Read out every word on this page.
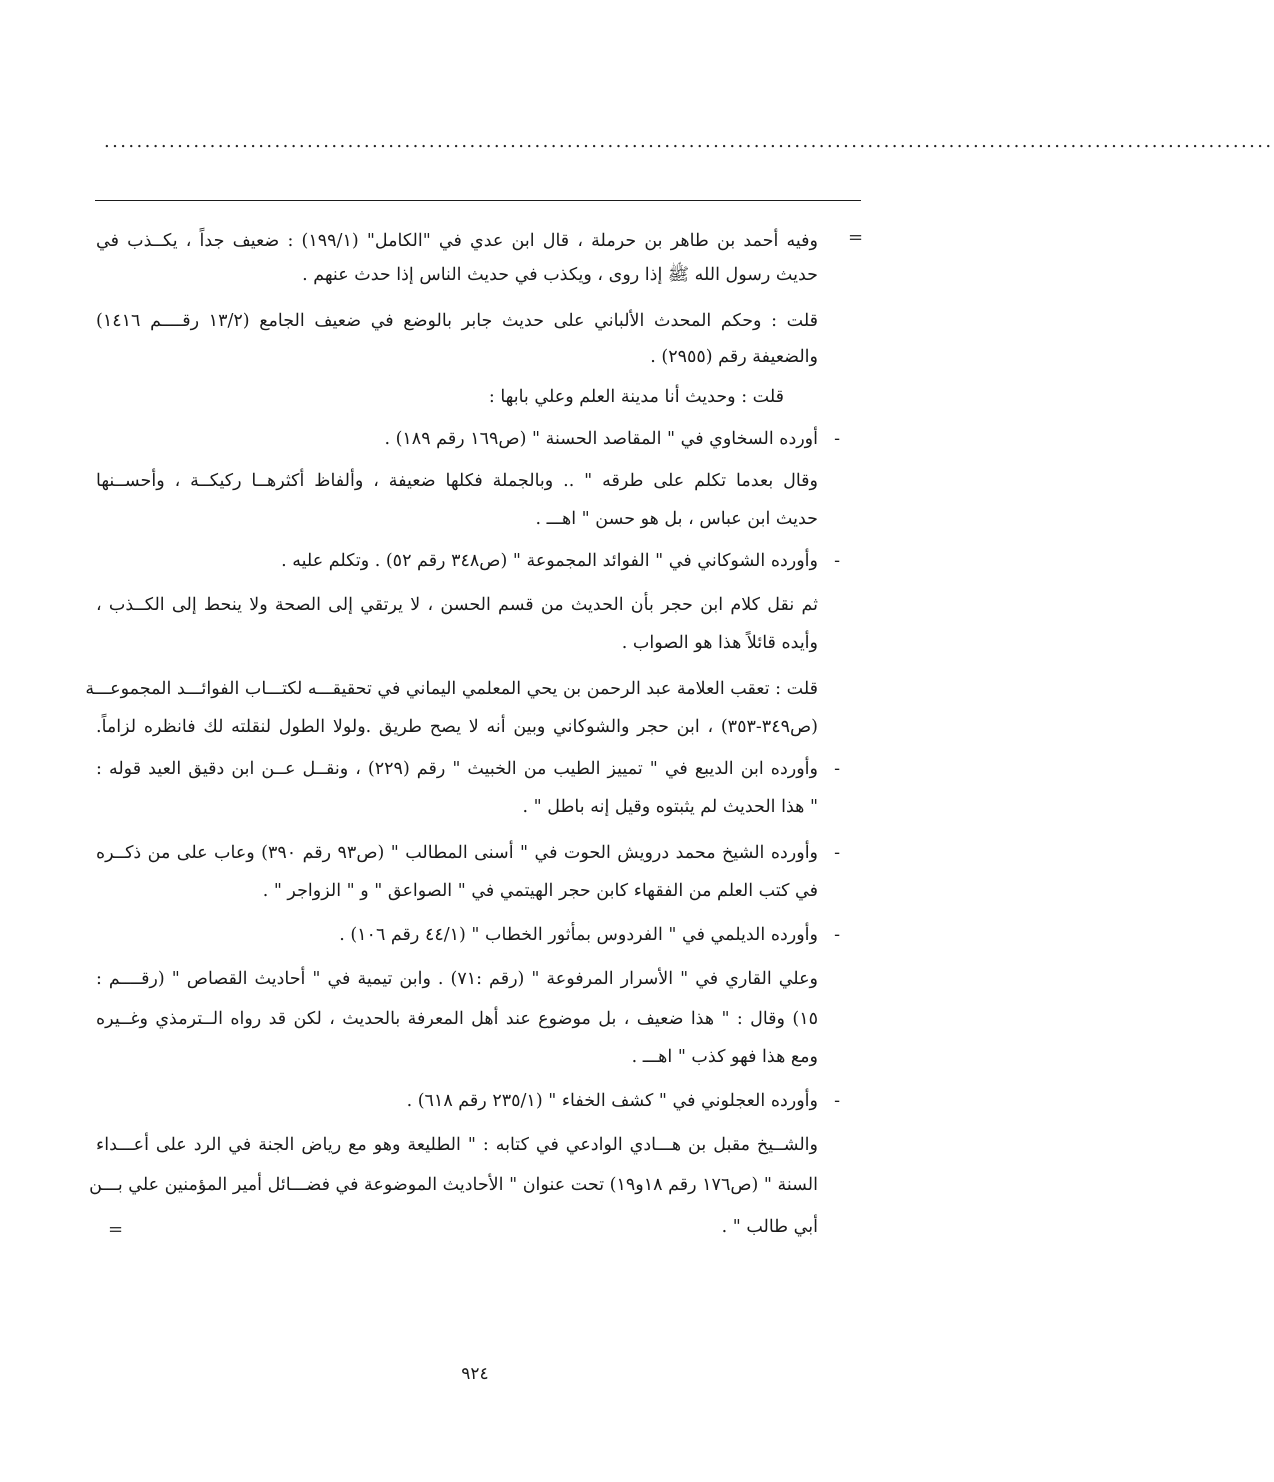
................................................................................................................................................
=
=
وفيه أحمد بن طاهر بن حرملة ، قال ابن عدي في "الكامل" (١٩٩/١) : ضعيف جداً ، يكــذب في
حديث رسول الله ﷺ إذا روى ، ويكذب في حديث الناس إذا حدث عنهم .
قلت : وحكم المحدث الألباني على حديث جابر بالوضع في ضعيف الجامع (١٣/٢ رقــــم ١٤١٦)
والضعيفة رقم (٢٩٥٥) .
قلت : وحديث أنا مدينة العلم وعلي بابها :
أورده السخاوي في " المقاصد الحسنة " (ص١٦٩ رقم ١٨٩) . -
وقال بعدما تكلم على طرقه " .. وبالجملة فكلها ضعيفة ، وألفاظ أكثرهــا ركيكــة ، وأحســنها
حديث ابن عباس ، بل هو حسن " اهـــ .
وأورده الشوكاني في " الفوائد المجموعة " (ص٣٤٨ رقم ٥٢) . وتكلم عليه . -
ثم نقل كلام ابن حجر بأن الحديث من قسم الحسن ، لا يرتقي إلى الصحة ولا ينحط إلى الكــذب ،
وأيده قائلاً هذا هو الصواب .
قلت : تعقب العلامة عبد الرحمن بن يحي المعلمي اليماني في تحقيقـــه لكتـــاب الفوائـــد المجموعـــة
(ص٣٤٩-٣٥٣) ، ابن حجر والشوكاني وبين أنه لا يصح طريق .ولولا الطول لنقلته لك فانظره لزاماً.
وأورده ابن الديبع في " تمييز الطيب من الخبيث " رقم (٢٢٩) ، ونقــل عــن ابن دقيق العيد قوله : -
" هذا الحديث لم يثبتوه وقيل إنه باطل " .
وأورده الشيخ محمد درويش الحوت في " أسنى المطالب " (ص٩٣ رقم ٣٩٠) وعاب على من ذكــره -
في كتب العلم من الفقهاء كابن حجر الهيتمي في " الصواعق " و " الزواجر " .
وأورده الديلمي في " الفردوس بمأثور الخطاب " (٤٤/١ رقم ١٠٦) . -
وعلي القاري في " الأسرار المرفوعة " (رقم :٧١) . وابن تيمية في " أحاديث القصاص " (رقــــم :
١٥) وقال : " هذا ضعيف ، بل موضوع عند أهل المعرفة بالحديث ، لكن قد رواه الــترمذي وغــيره
ومع هذا فهو كذب " اهـــ .
وأورده العجلوني في " كشف الخفاء " (٢٣٥/١ رقم ٦١٨) . -
والشــيخ مقبل بن هـــادي الوادعي في كتابه : " الطليعة وهو مع رياض الجنة في الرد على أعـــداء
السنة " (ص١٧٦ رقم ١٨و١٩) تحت عنوان " الأحاديث الموضوعة في فضـــائل أمير المؤمنين علي بـــن
أبي طالب " .
٩٢٤
